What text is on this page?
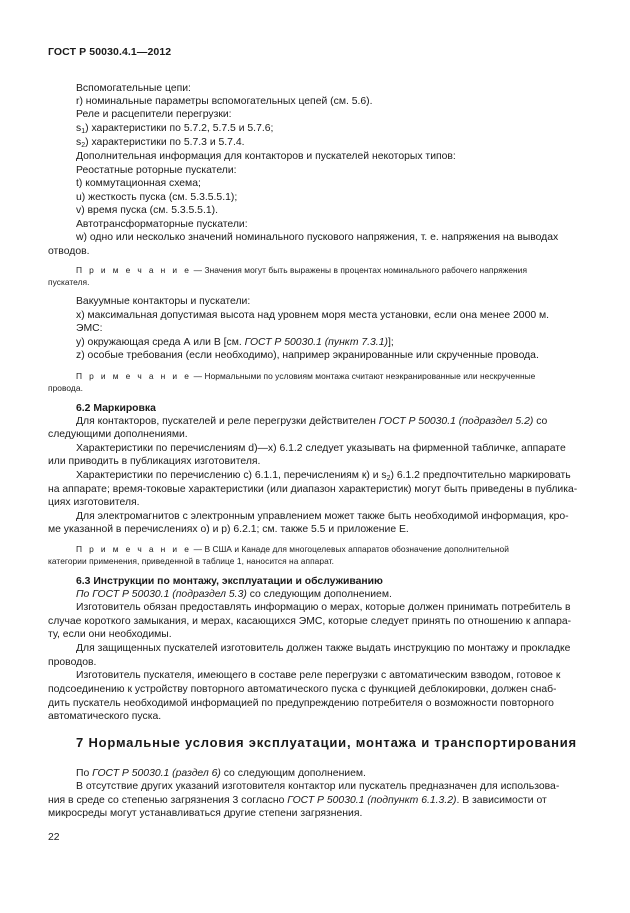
ГОСТ Р 50030.4.1—2012
Вспомогательные цепи:
r) номинальные параметры вспомогательных цепей (см. 5.6).
Реле и расцепители перегрузки:
$s_1$) характеристики по 5.7.2, 5.7.5 и 5.7.6;
$s_2$) характеристики по 5.7.3 и 5.7.4.
Дополнительная информация для контакторов и пускателей некоторых типов:
Реостатные роторные пускатели:
t) коммутационная схема;
u) жесткость пуска (см. 5.3.5.5.1);
v) время пуска (см. 5.3.5.5.1).
Автотрансформаторные пускатели:
w) одно или несколько значений номинального пускового напряжения, т. е. напряжения на выводах
отводов.
П р и м е ч а н и е — Значения могут быть выражены в процентах номинального рабочего напряжения
пускателя.
Вакуумные контакторы и пускатели:
x) максимальная допустимая высота над уровнем моря места установки, если она менее 2000 м.
ЭМС:
y) окружающая среда А или В [см. ГОСТ Р 50030.1 (пункт 7.3.1)];
z) особые требования (если необходимо), например экранированные или скрученные провода.
П р и м е ч а н и е — Нормальными по условиям монтажа считают неэкранированные или нескрученные
провода.
6.2 Маркировка
Для контакторов, пускателей и реле перегрузки действителен ГОСТ Р 50030.1 (подраздел 5.2) со
следующими дополнениями.
Характеристики по перечислениям d)—x) 6.1.2 следует указывать на фирменной табличке, аппарате
или приводить в публикациях изготовителя.
Характеристики по перечислению с) 6.1.1, перечислениям к) и $s_2$) 6.1.2 предпочтительно маркировать
на аппарате; время-токовые характеристики (или диапазон характеристик) могут быть приведены в публика-
циях изготовителя.
Для электромагнитов с электронным управлением может также быть необходимой информация, кро-
ме указанной в перечислениях о) и р) 6.2.1; см. также 5.5 и приложение Е.
П р и м е ч а н и е — В США и Канаде для многоцелевых аппаратов обозначение дополнительной
категории применения, приведенной в таблице 1, наносится на аппарат.
6.3 Инструкции по монтажу, эксплуатации и обслуживанию
По ГОСТ Р 50030.1 (подраздел 5.3) со следующим дополнением.
Изготовитель обязан предоставлять информацию о мерах, которые должен принимать потребитель в
случае короткого замыкания, и мерах, касающихся ЭМС, которые следует принять по отношению к аппара-
ту, если они необходимы.
Для защищенных пускателей изготовитель должен также выдать инструкцию по монтажу и прокладке
проводов.
Изготовитель пускателя, имеющего в составе реле перегрузки с автоматическим взводом, готовое к
подсоединению к устройству повторного автоматического пуска с функцией деблокировки, должен снаб-
дить пускатель необходимой информацией по предупреждению потребителя о возможности повторного
автоматического пуска.
7 Нормальные условия эксплуатации, монтажа и транспортирования
По ГОСТ Р 50030.1 (раздел 6) со следующим дополнением.
В отсутствие других указаний изготовителя контактор или пускатель предназначен для использова-
ния в среде со степенью загрязнения 3 согласно ГОСТ Р 50030.1 (подпункт 6.1.3.2). В зависимости от
микросреды могут устанавливаться другие степени загрязнения.
22
